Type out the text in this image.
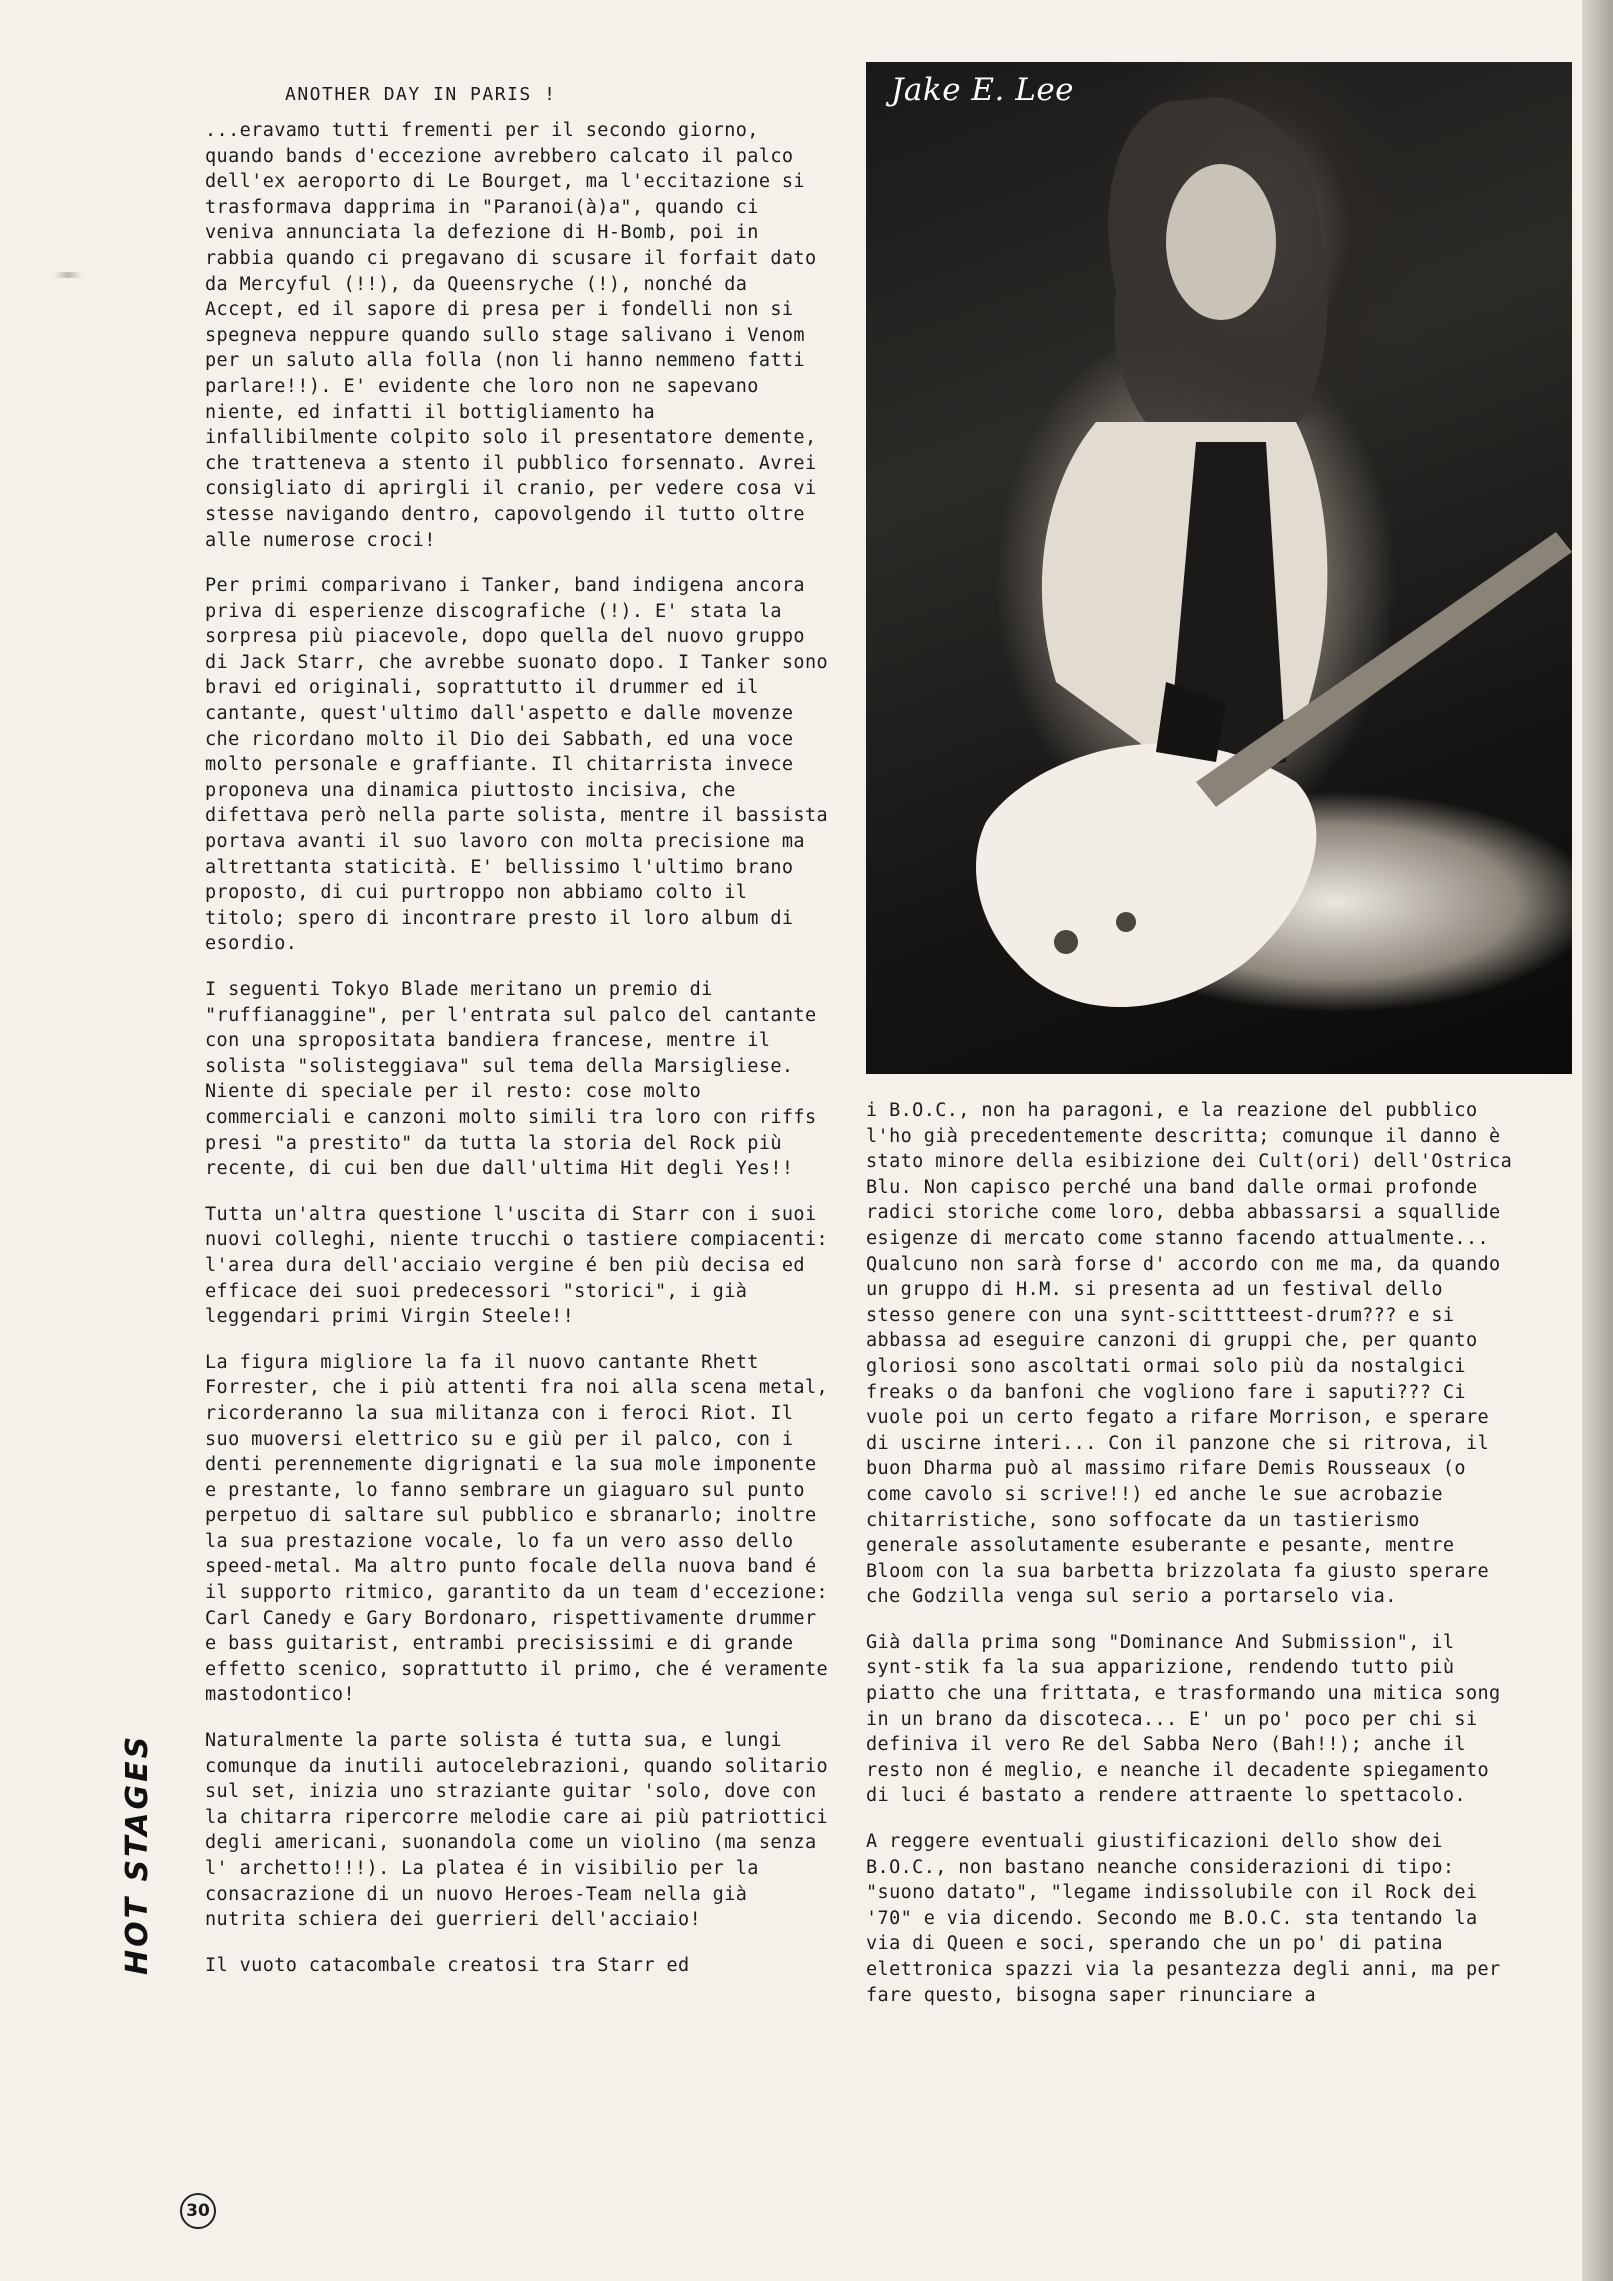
ANOTHER DAY IN PARIS !

...eravamo tutti frementi per il secondo giorno, quando bands d'eccezione avrebbero calcato il palco dell'ex aeroporto di Le Bourget, ma l'eccitazione si trasformava dapprima in "Paranoi(à)a", quando ci veniva annunciata la defezione di H-Bomb, poi in rabbia quando ci pregavano di scusare il forfait dato da Mercyful (!!), da Queensryche (!), nonché da Accept, ed il sapore di presa per i fondelli non si spegneva neppure quando sullo stage salivano i Venom per un saluto alla folla (non li hanno nemmeno fatti parlare!!). E' evidente che loro non ne sapevano niente, ed infatti il bottigliamento ha infallibilmente colpito solo il presentatore demente, che tratteneva a stento il pubblico forsennato. Avrei consigliato di aprirgli il cranio, per vedere cosa vi stesse navigando dentro, capovolgendo il tutto oltre alle numerose croci!

Per primi comparivano i Tanker, band indigena ancora priva di esperienze discografiche (!). E' stata la sorpresa più piacevole, dopo quella del nuovo gruppo di Jack Starr, che avrebbe suonato dopo. I Tanker sono bravi ed originali, soprattutto il drummer ed il cantante, quest'ultimo dall'aspetto e dalle movenze che ricordano molto il Dio dei Sabbath, ed una voce molto personale e graffiante. Il chitarrista invece proponeva una dinamica piuttosto incisiva, che difettava però nella parte solista, mentre il bassista portava avanti il suo lavoro con molta precisione ma altrettanta staticità. E' bellissimo l'ultimo brano proposto, di cui purtroppo non abbiamo colto il titolo; spero di incontrare presto il loro album di esordio.

I seguenti Tokyo Blade meritano un premio di "ruffianaggine", per l'entrata sul palco del cantante con una spropositata bandiera francese, mentre il solista "solisteggiava" sul tema della Marsigliese. Niente di speciale per il resto: cose molto commerciali e canzoni molto simili tra loro con riffs presi "a prestito" da tutta la storia del Rock più recente, di cui ben due dall'ultima Hit degli Yes!!

Tutta un'altra questione l'uscita di Starr con i suoi nuovi colleghi, niente trucchi o tastiere compiacenti: l'area dura dell'acciaio vergine é ben più decisa ed efficace dei suoi predecessori "storici", i già leggendari primi Virgin Steele!!

La figura migliore la fa il nuovo cantante Rhett Forrester, che i più attenti fra noi alla scena metal, ricorderanno la sua militanza con i feroci Riot. Il suo muoversi elettrico su e giù per il palco, con i denti perennemente digrignati e la sua mole imponente e prestante, lo fanno sembrare un giaguaro sul punto perpetuo di saltare sul pubblico e sbranarlo; inoltre la sua prestazione vocale, lo fa un vero asso dello speed-metal. Ma altro punto focale della nuova band é il supporto ritmico, garantito da un team d'eccezione: Carl Canedy e Gary Bordonaro, rispettivamente drummer e bass guitarist, entrambi precisissimi e di grande effetto scenico, soprattutto il primo, che é veramente mastodontico!

Naturalmente la parte solista é tutta sua, e lungi comunque da inutili autocelebrazioni, quando solitario sul set, inizia uno straziante guitar 'solo, dove con la chitarra ripercorre melodie care ai più patriottici degli americani, suonandola come un violino (ma senza l' archetto!!!). La platea é in visibilio per la consacrazione di un nuovo Heroes-Team nella già nutrita schiera dei guerrieri dell'acciaio!

Il vuoto catacombale creatosi tra Starr ed

Jake E. Lee

i B.O.C., non ha paragoni, e la reazione del pubblico l'ho già precedentemente descritta; comunque il danno è stato minore della esibizione dei Cult(ori) dell'Ostrica Blu. Non capisco perché una band dalle ormai profonde radici storiche come loro, debba abbassarsi a squallide esigenze di mercato come stanno facendo attualmente... Qualcuno non sarà forse d' accordo con me ma, da quando un gruppo di H.M. si presenta ad un festival dello stesso genere con una synt-scitttteest-drum??? e si abbassa ad eseguire canzoni di gruppi che, per quanto gloriosi sono ascoltati ormai solo più da nostalgici freaks o da banfoni che vogliono fare i saputi??? Ci vuole poi un certo fegato a rifare Morrison, e sperare di uscirne interi... Con il panzone che si ritrova, il buon Dharma può al massimo rifare Demis Rousseaux (o come cavolo si scrive!!) ed anche le sue acrobazie chitarristiche, sono soffocate da un tastierismo generale assolutamente esuberante e pesante, mentre Bloom con la sua barbetta brizzolata fa giusto sperare che Godzilla venga sul serio a portarselo via.

Già dalla prima song "Dominance And Submission", il synt-stik fa la sua apparizione, rendendo tutto più piatto che una frittata, e trasformando una mitica song in un brano da discoteca... E' un po' poco per chi si definiva il vero Re del Sabba Nero (Bah!!); anche il resto non é meglio, e neanche il decadente spiegamento di luci é bastato a rendere attraente lo spettacolo.

A reggere eventuali giustificazioni dello show dei B.O.C., non bastano neanche considerazioni di tipo: "suono datato", "legame indissolubile con il Rock dei '70" e via dicendo. Secondo me B.O.C. sta tentando la via di Queen e soci, sperando che un po' di patina elettronica spazzi via la pesantezza degli anni, ma per fare questo, bisogna saper rinunciare a

HOT STAGES
30
